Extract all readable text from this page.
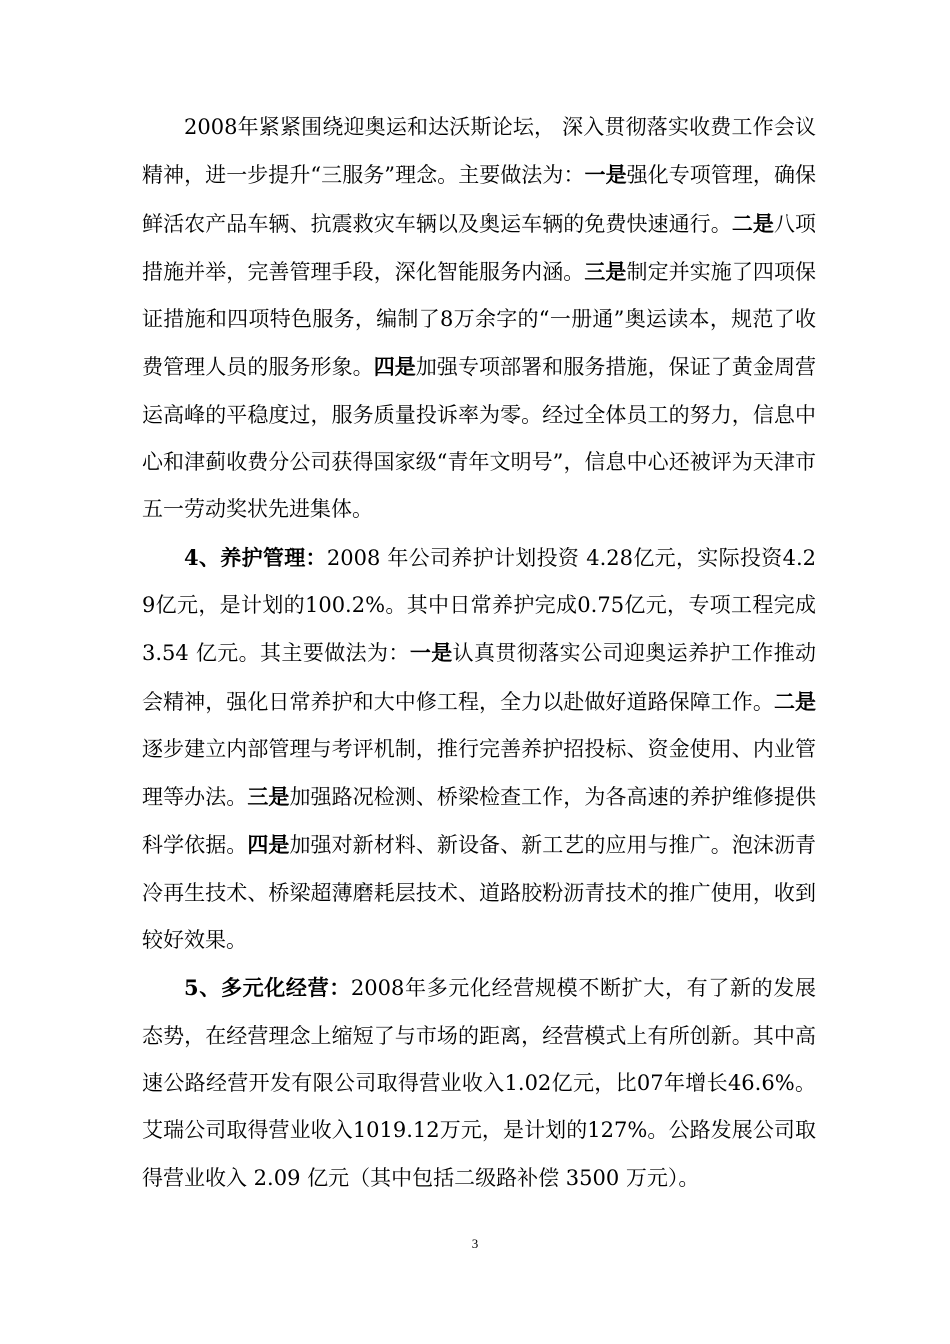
2008年紧紧围绕迎奥运和达沃斯论坛， 深入贯彻落实收费工作会议精神，进一步提升“三服务”理念。主要做法为：一是强化专项管理，确保鲜活农产品车辆、抗震救灾车辆以及奥运车辆的免费快速通行。二是八项措施并举，完善管理手段，深化智能服务内涵。三是制定并实施了四项保证措施和四项特色服务，编制了8万余字的“一册通”奥运读本，规范了收费管理人员的服务形象。四是加强专项部署和服务措施，保证了黄金周营运高峰的平稳度过，服务质量投诉率为零。经过全体员工的努力，信息中心和津蓟收费分公司获得国家级“青年文明号”，信息中心还被评为天津市五一劳动奖状先进集体。

4、养护管理：2008 年公司养护计划投资 4.28亿元，实际投资4.29亿元，是计划的100.2%。其中日常养护完成0.75亿元，专项工程完成 3.54 亿元。其主要做法为：一是认真贯彻落实公司迎奥运养护工作推动会精神，强化日常养护和大中修工程，全力以赴做好道路保障工作。二是逐步建立内部管理与考评机制，推行完善养护招投标、资金使用、内业管理等办法。三是加强路况检测、桥梁检查工作，为各高速的养护维修提供科学依据。四是加强对新材料、新设备、新工艺的应用与推广。泡沫沥青冷再生技术、桥梁超薄磨耗层技术、道路胶粉沥青技术的推广使用，收到较好效果。

5、多元化经营：2008年多元化经营规模不断扩大，有了新的发展态势，在经营理念上缩短了与市场的距离，经营模式上有所创新。其中高速公路经营开发有限公司取得营业收入1.02亿元，比07年增长46.6%。艾瑞公司取得营业收入1019.12万元，是计划的127%。公路发展公司取得营业收入 2.09 亿元（其中包括二级路补偿 3500 万元）。

3
